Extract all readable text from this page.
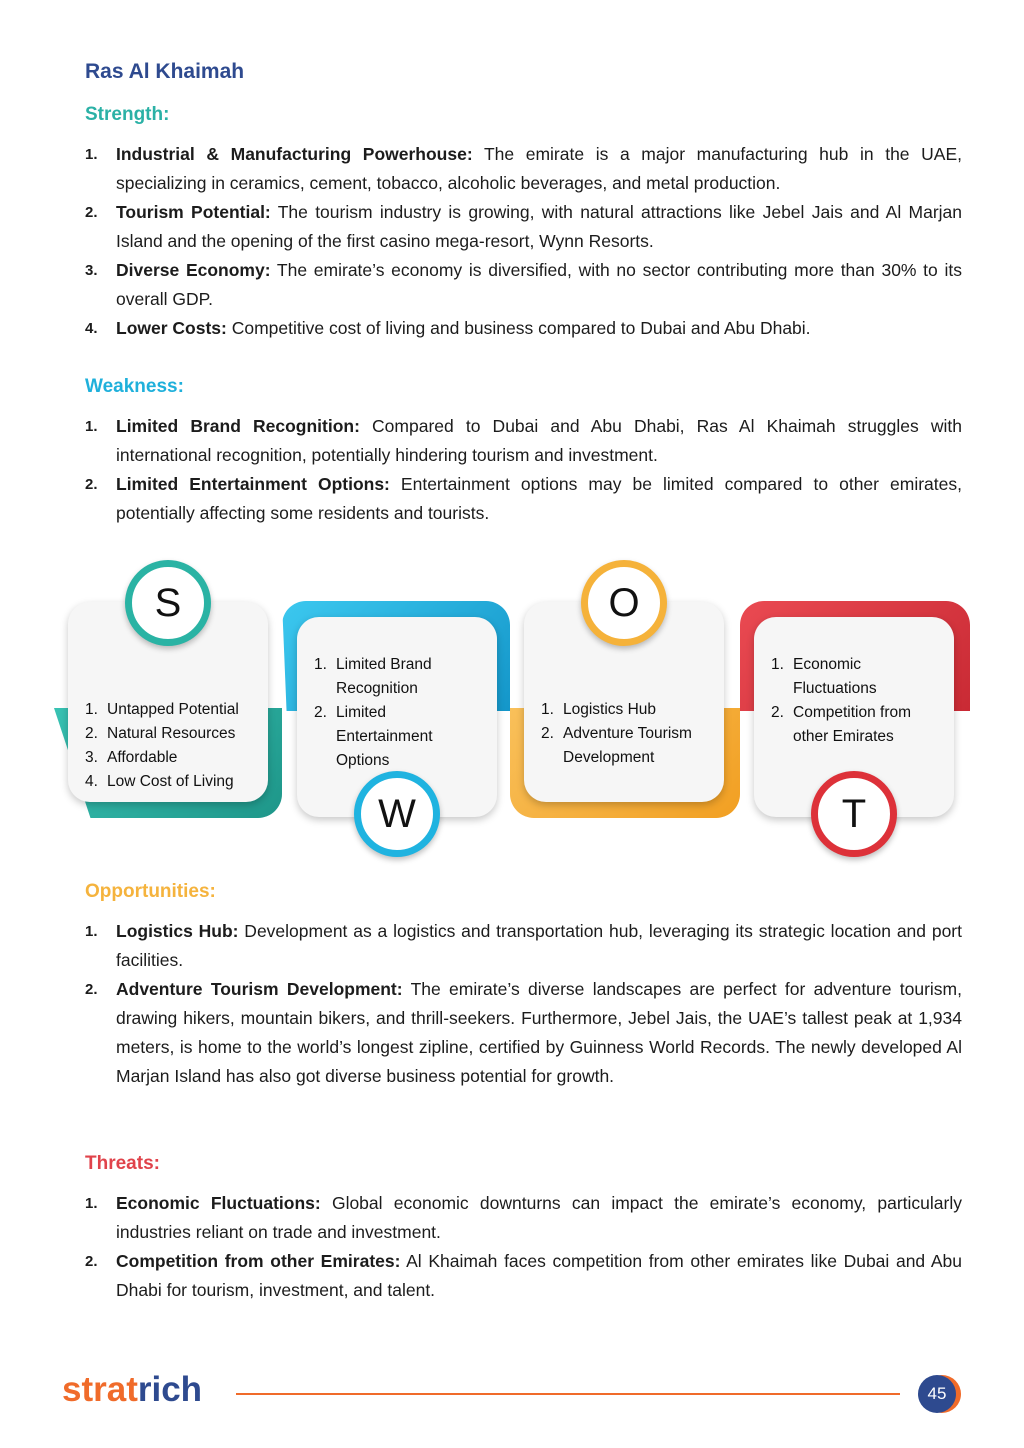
Ras Al Khaimah
Strength:
1. Industrial & Manufacturing Powerhouse: The emirate is a major manufacturing hub in the UAE, specializing in ceramics, cement, tobacco, alcoholic beverages, and metal production.
2. Tourism Potential: The tourism industry is growing, with natural attractions like Jebel Jais and Al Marjan Island and the opening of the first casino mega-resort, Wynn Resorts.
3. Diverse Economy: The emirate’s economy is diversified, with no sector contributing more than 30% to its overall GDP.
4. Lower Costs: Competitive cost of living and business compared to Dubai and Abu Dhabi.
Weakness:
1. Limited Brand Recognition: Compared to Dubai and Abu Dhabi, Ras Al Khaimah struggles with international recognition, potentially hindering tourism and investment.
2. Limited Entertainment Options: Entertainment options may be limited compared to other emirates, potentially affecting some residents and tourists.
1. Untapped Potential
2. Natural Resources
3. Affordable
4. Low Cost of Living
1. Limited Brand Recognition
2. Limited Entertainment Options
1. Logistics Hub
2. Adventure Tourism Development
1. Economic Fluctuations
2. Competition from other Emirates
S
W
O
T
Opportunities:
1. Logistics Hub: Development as a logistics and transportation hub, leveraging its strategic location and port facilities.
2. Adventure Tourism Development: The emirate’s diverse landscapes are perfect for adventure tourism, drawing hikers, mountain bikers, and thrill-seekers. Furthermore, Jebel Jais, the UAE’s tallest peak at 1,934 meters, is home to the world’s longest zipline, certified by Guinness World Records. The newly developed Al Marjan Island has also got diverse business potential for growth.
Threats:
1. Economic Fluctuations: Global economic downturns can impact the emirate’s economy, particularly industries reliant on trade and investment.
2. Competition from other Emirates: Al Khaimah faces competition from other emirates like Dubai and Abu Dhabi for tourism, investment, and talent.
stratrich	45
